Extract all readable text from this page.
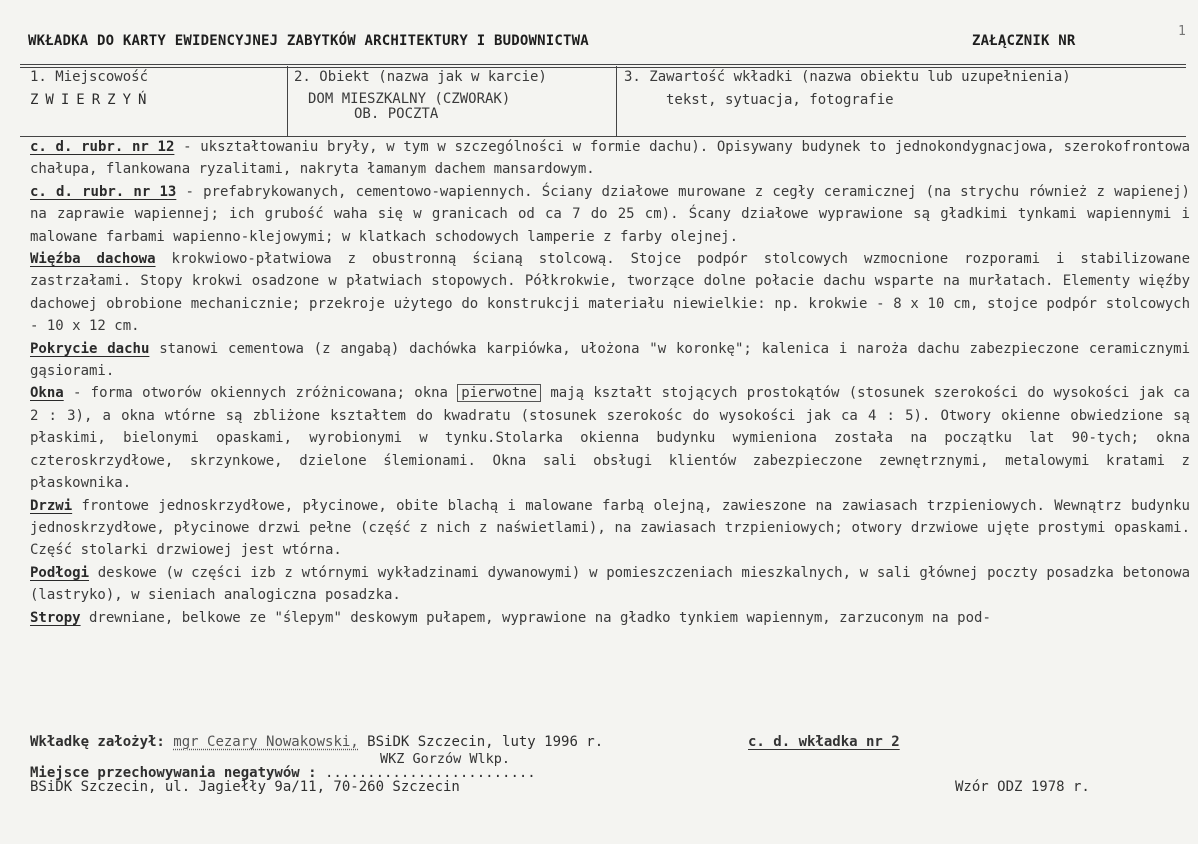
WKŁADKA DO KARTY EWIDENCYJNEJ ZABYTKÓW ARCHITEKTURY I BUDOWNICTWA	ZAŁĄCZNIK NR
1
1. Miejscowość
ZWIERZYŃ
2. Obiekt (nazwa jak w karcie)
DOM MIESZKALNY (CZWORAK)
OB. POCZTA
3. Zawartość wkładki (nazwa obiektu lub uzupełnienia)
tekst, sytuacja, fotografie

c. d. rubr. nr 12 - ukształtowaniu bryły, w tym w szczególności w formie dachu). Opisywany budynek to jednokondygnacjowa, szerokofrontowa chałupa, flankowana ryzalitami, nakryta łamanym dachem mansardowym.

c. d. rubr. nr 13 - prefabrykowanych, cementowo-wapiennych. Ściany działowe murowane z cegły ceramicznej (na strychu również z wapienej) na zaprawie wapiennej; ich grubość waha się w granicach od ca 7 do 25 cm). Ścany działowe wyprawione są gładkimi tynkami wapiennymi i malowane farbami wapienno-klejowymi; w klatkach schodowych lamperie z farby olejnej.

Więźba dachowa krokwiowo-płatwiowa z obustronną ścianą stolcową. Stojce podpór stolcowych wzmocnione rozporami i stabilizowane zastrzałami. Stopy krokwi osadzone w płatwiach stopowych. Półkrokwie, tworzące dolne połacie dachu wsparte na murłatach. Elementy więźby dachowej obrobione mechanicznie; przekroje użytego do konstrukcji materiału niewielkie: np. krokwie - 8 x 10 cm, stojce podpór stolcowych - 10 x 12 cm.

Pokrycie dachu stanowi cementowa (z angabą) dachówka karpiówka, ułożona "w koronkę"; kalenica i naroża dachu zabezpieczone ceramicznymi gąsiorami.

Okna - forma otworów okiennych zróżnicowana; okna pierwotne mają kształt stojących prostokątów (stosunek szerokości do wysokości jak ca 2 : 3), a okna wtórne są zbliżone kształtem do kwadratu (stosunek szerokośc do wysokości jak ca 4 : 5). Otwory okienne obwiedzione są płaskimi, bielonymi opaskami, wyrobionymi w tynku.Stolarka okienna budynku wymieniona została na początku lat 90-tych; okna czteroskrzydłowe, skrzynkowe, dzielone ślemionami. Okna sali obsługi klientów zabezpieczone zewnętrznymi, metalowymi kratami z płaskownika.

Drzwi frontowe jednoskrzydłowe, płycinowe, obite blachą i malowane farbą olejną, zawieszone na zawiasach trzpieniowych. Wewnątrz budynku jednoskrzydłowe, płycinowe drzwi pełne (część z nich z naświetlami), na zawiasach trzpieniowych; otwory drzwiowe ujęte prostymi opaskami. Część stolarki drzwiowej jest wtórna.

Podłogi deskowe (w części izb z wtórnymi wykładzinami dywanowymi) w pomieszczeniach mieszkalnych, w sali głównej poczty posadzka betonowa (lastryko), w sieniach analogiczna posadzka.

Stropy drewniane, belkowe ze "ślepym" deskowym pułapem, wyprawione na gładko tynkiem wapiennym, zarzuconym na pod-

Wkładkę założył: mgr Cezary Nowakowski, BSiDK Szczecin, luty 1996 r.	c. d. wkładka nr 2
WKZ Gorzów Wlkp.
Miejsce przechowywania negatywów : .........................
BSiDK Szczecin, ul. Jagiełły 9a/11, 70-260 Szczecin	Wzór ODZ 1978 r.
